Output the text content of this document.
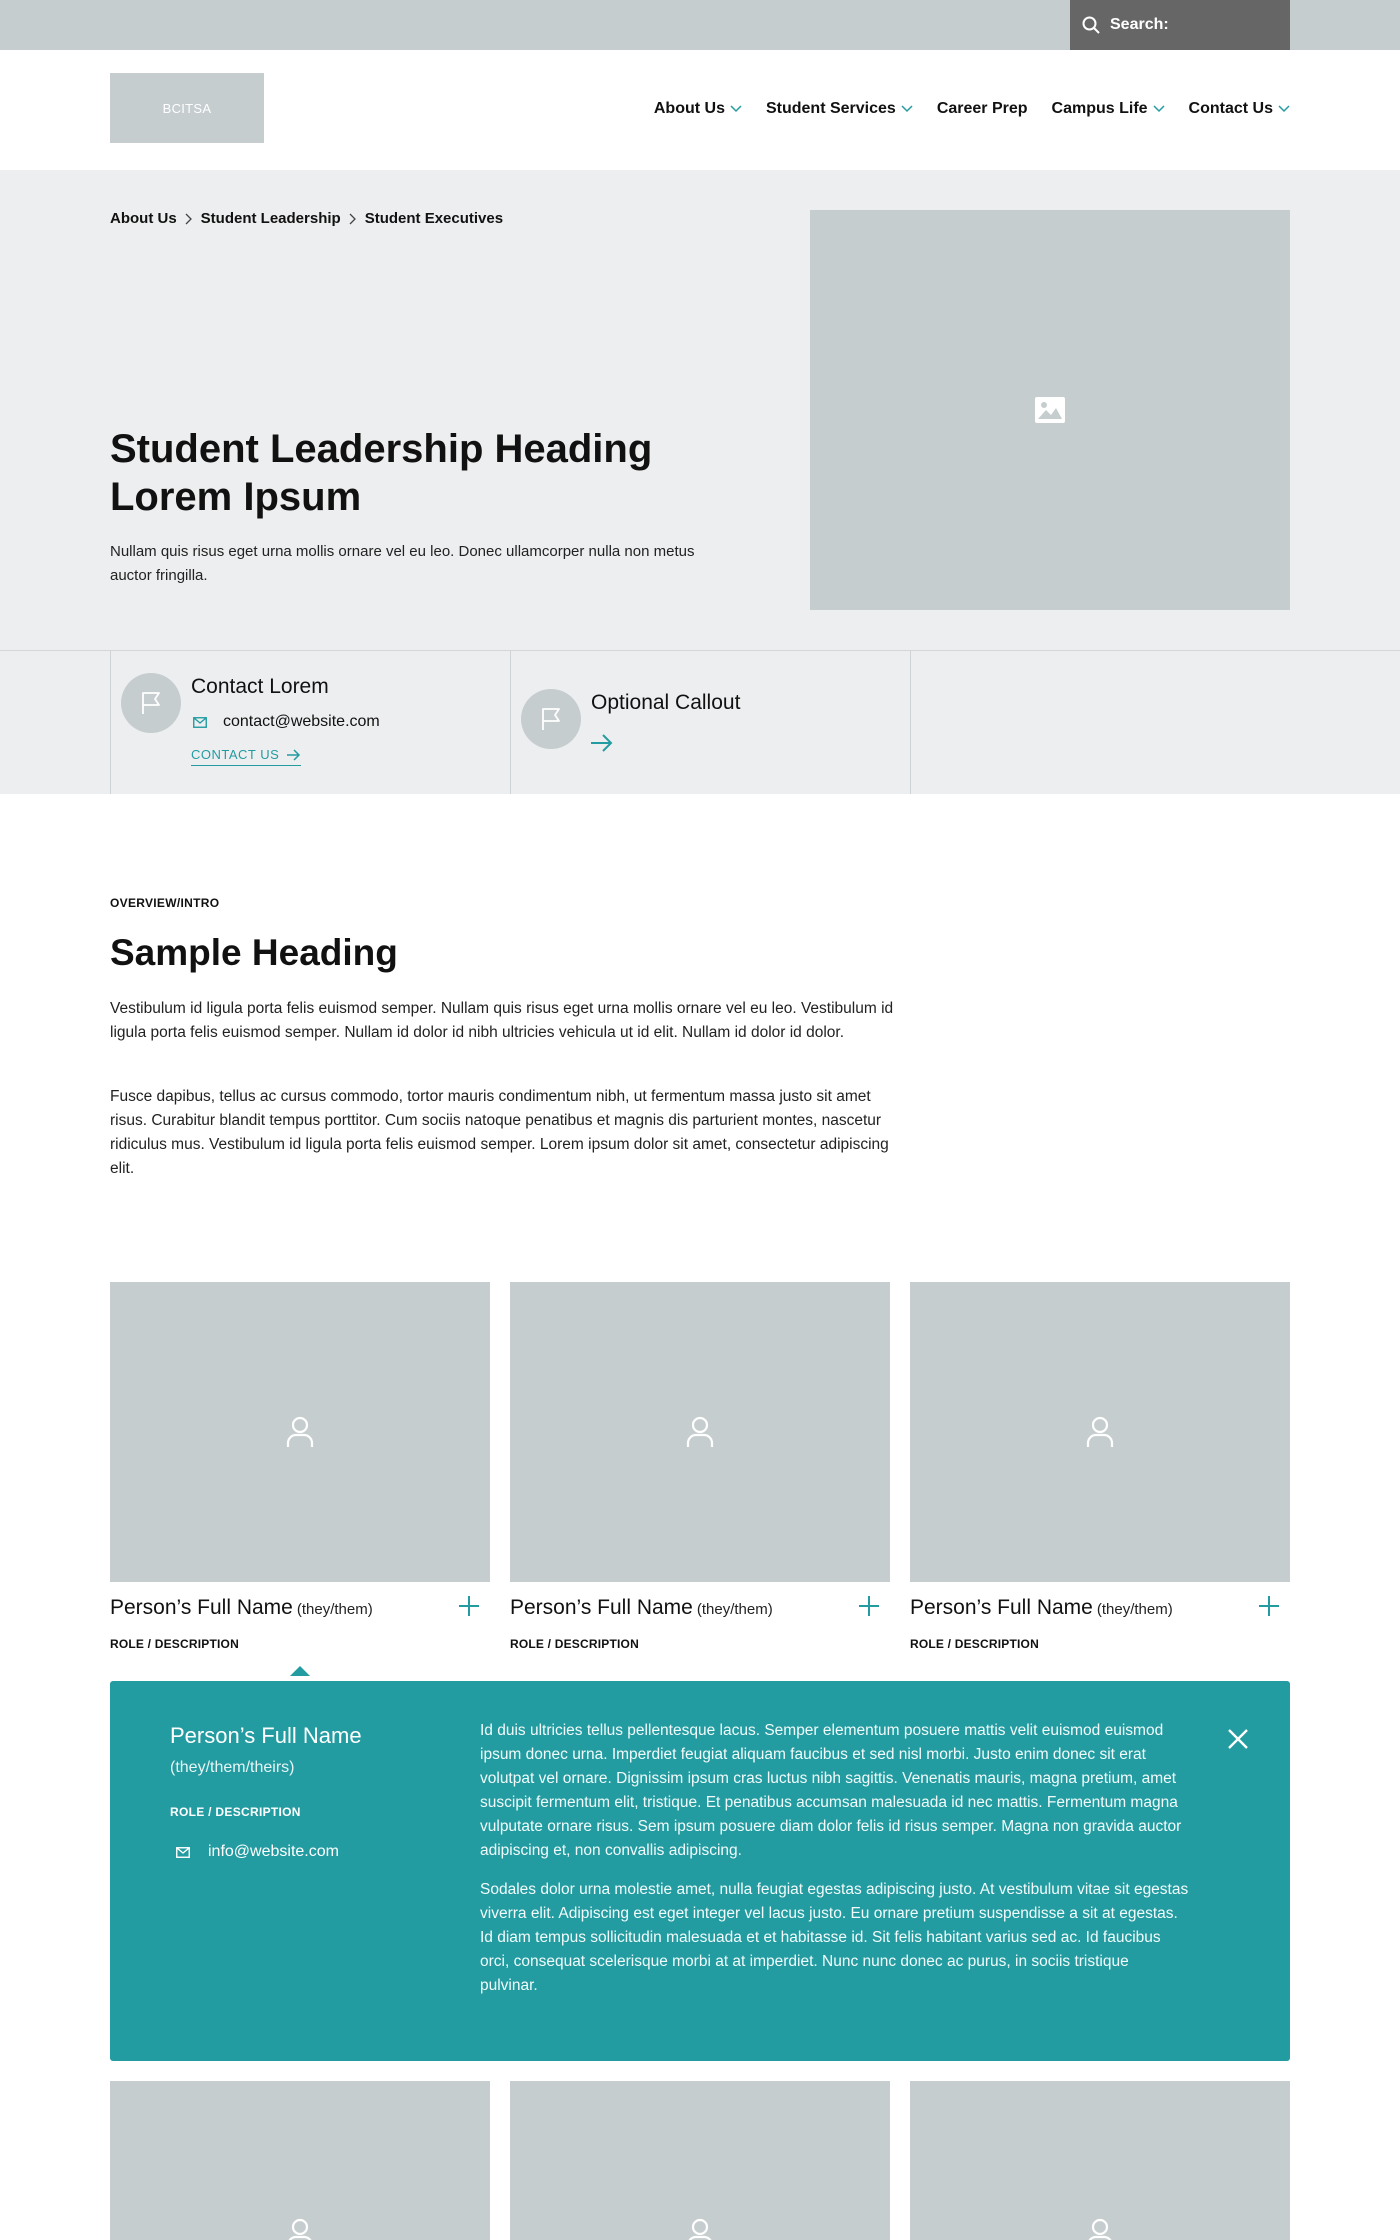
Search:
BCITSA	About Us	Student Services	Career Prep Campus Life	Contact Us
About Us Student Leadership Student Executives
Student Leadership Heading Lorem Ipsum

Nullam quis risus eget urna mollis ornare vel eu leo. Donec ullamcorper nulla non metus auctor fringilla.

Contact Lorem
contact@website.com
CONTACT US
Optional Callout
OVERVIEW/INTRO
Sample Heading

Vestibulum id ligula porta felis euismod semper. Nullam quis risus eget urna mollis ornare vel eu leo. Vestibulum id ligula porta felis euismod semper. Nullam id dolor id nibh ultricies vehicula ut id elit. Nullam id dolor id dolor.

Fusce dapibus, tellus ac cursus commodo, tortor mauris condimentum nibh, ut fermentum massa justo sit amet risus. Curabitur blandit tempus porttitor. Cum sociis natoque penatibus et magnis dis parturient montes, nascetur ridiculus mus. Vestibulum id ligula porta felis euismod semper. Lorem ipsum dolor sit amet, consectetur adipiscing elit.

Person’s Full Name (they/them)	Person’s Full Name (they/them)	Person’s Full Name (they/them)
ROLE / DESCRIPTION	ROLE / DESCRIPTION	ROLE / DESCRIPTION
Person’s Full Name
(they/them/theirs)
ROLE / DESCRIPTION
info@website.com

Id duis ultricies tellus pellentesque lacus. Semper elementum posuere mattis velit euismod euismod ipsum donec urna. Imperdiet feugiat aliquam faucibus et sed nisl morbi. Justo enim donec sit erat volutpat vel ornare. Dignissim ipsum cras luctus nibh sagittis. Venenatis mauris, magna pretium, amet suscipit fermentum elit, tristique. Et penatibus accumsan malesuada id nec mattis. Fermentum magna vulputate ornare risus. Sem ipsum posuere diam dolor felis id risus semper. Magna non gravida auctor adipiscing et, non convallis adipiscing.

Sodales dolor urna molestie amet, nulla feugiat egestas adipiscing justo. At vestibulum vitae sit egestas viverra elit. Adipiscing est eget integer vel lacus justo. Eu ornare pretium suspendisse a sit at egestas. Id diam tempus sollicitudin malesuada et et habitasse id. Sit felis habitant varius sed ac. Id faucibus orci, consequat scelerisque morbi at at imperdiet. Nunc nunc donec ac purus, in sociis tristique pulvinar.
